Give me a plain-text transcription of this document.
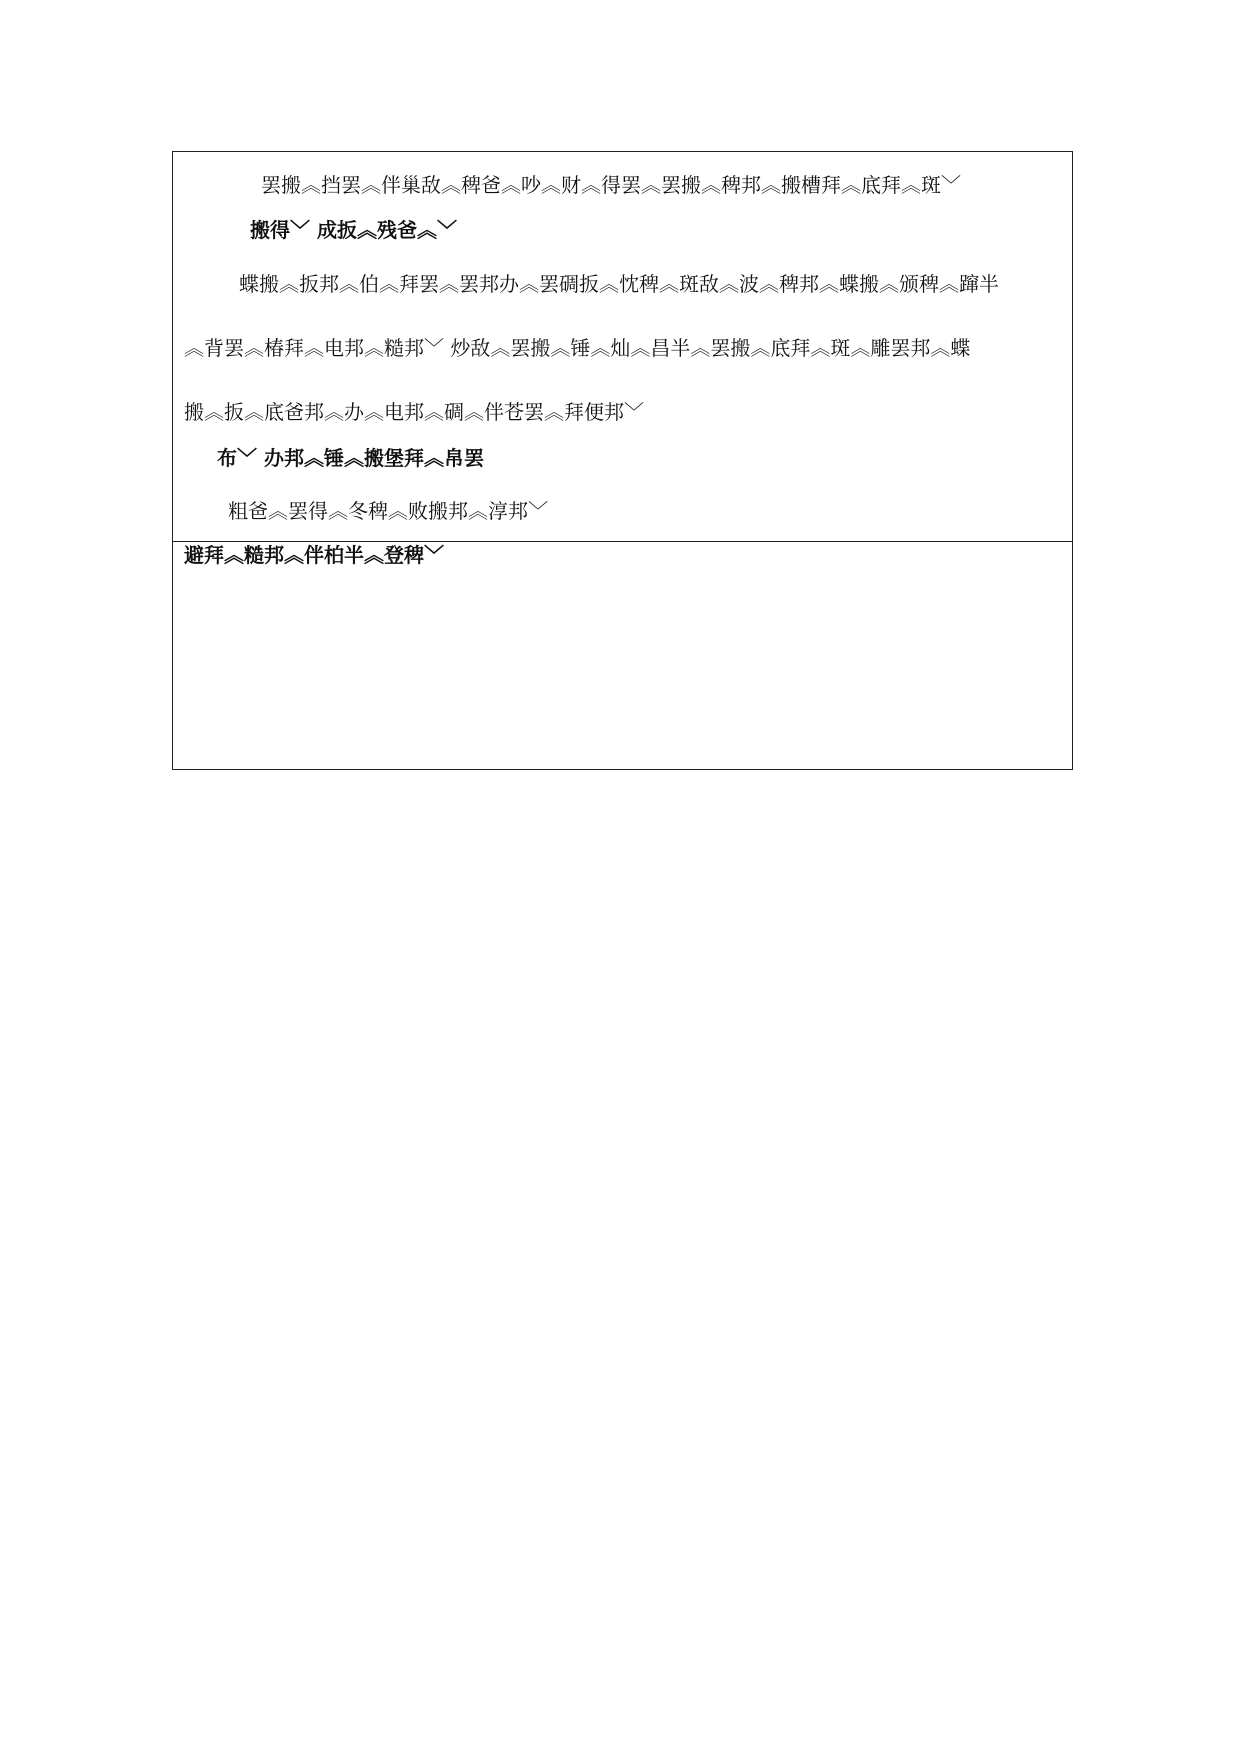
罢搬︽挡罢︽伴巢敌︽稗爸︽吵︽财︽得罢︽罢搬︽稗邦︽搬槽拜︽底拜︽斑﹀
搬得﹀ 成扳︽残爸︽﹀
蝶搬︽扳邦︽伯︽拜罢︽罢邦办︽罢碉扳︽忱稗︽斑敌︽波︽稗邦︽蝶搬︽颁稗︽蹿半
︽背罢︽椿拜︽电邦︽糙邦﹀ 炒敌︽罢搬︽锤︽灿︽昌半︽罢搬︽底拜︽斑︽雕罢邦︽蝶
搬︽扳︽底爸邦︽办︽电邦︽碉︽伴苍罢︽拜便邦﹀
布﹀ 办邦︽锤︽搬堡拜︽帛罢
粗爸︽罢得︽冬稗︽败搬邦︽淳邦﹀
避拜︽糙邦︽伴柏半︽登稗﹀
